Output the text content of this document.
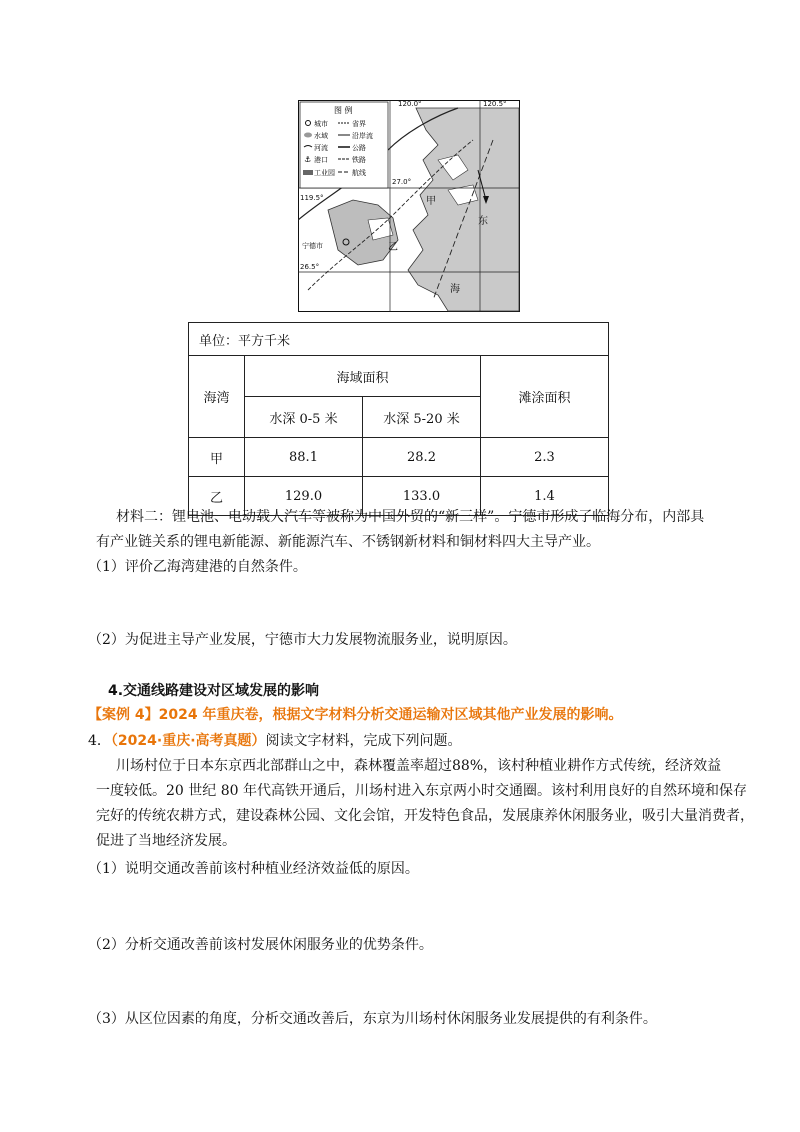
图 例
城市	省界
水域	沿岸流
河流	公路
⚓ 港口	铁路
工业园 航线
120.0°	120.5°
27.0°
26.5°
119.5°
宁德市
甲
乙
东
海
单位：平方千米			
海湾	海域面积		滩涂面积
	水深 0-5 米	水深 5-20 米	
甲	88.1	28.2	2.3
乙	129.0	133.0	1.4
材料二：锂电池、电动载人汽车等被称为中国外贸的“新三样”。宁德市形成了临海分布，内部具
有产业链关系的锂电新能源、新能源汽车、不锈钢新材料和铜材料四大主导产业。
（1）评价乙海湾建港的自然条件。
（2）为促进主导产业发展，宁德市大力发展物流服务业，说明原因。
4.交通线路建设对区域发展的影响
【案例 4】2024 年重庆卷，根据文字材料分析交通运输对区域其他产业发展的影响。
4．（2024·重庆·高考真题）阅读文字材料，完成下列问题。
川场村位于日本东京西北部群山之中，森林覆盖率超过88%，该村种植业耕作方式传统，经济效益
一度较低。20 世纪 80 年代高铁开通后，川场村进入东京两小时交通圈。该村利用良好的自然环境和保存
完好的传统农耕方式，建设森林公园、文化会馆，开发特色食品，发展康养休闲服务业，吸引大量消费者，
促进了当地经济发展。
（1）说明交通改善前该村种植业经济效益低的原因。
（2）分析交通改善前该村发展休闲服务业的优势条件。
（3）从区位因素的角度，分析交通改善后，东京为川场村休闲服务业发展提供的有利条件。
